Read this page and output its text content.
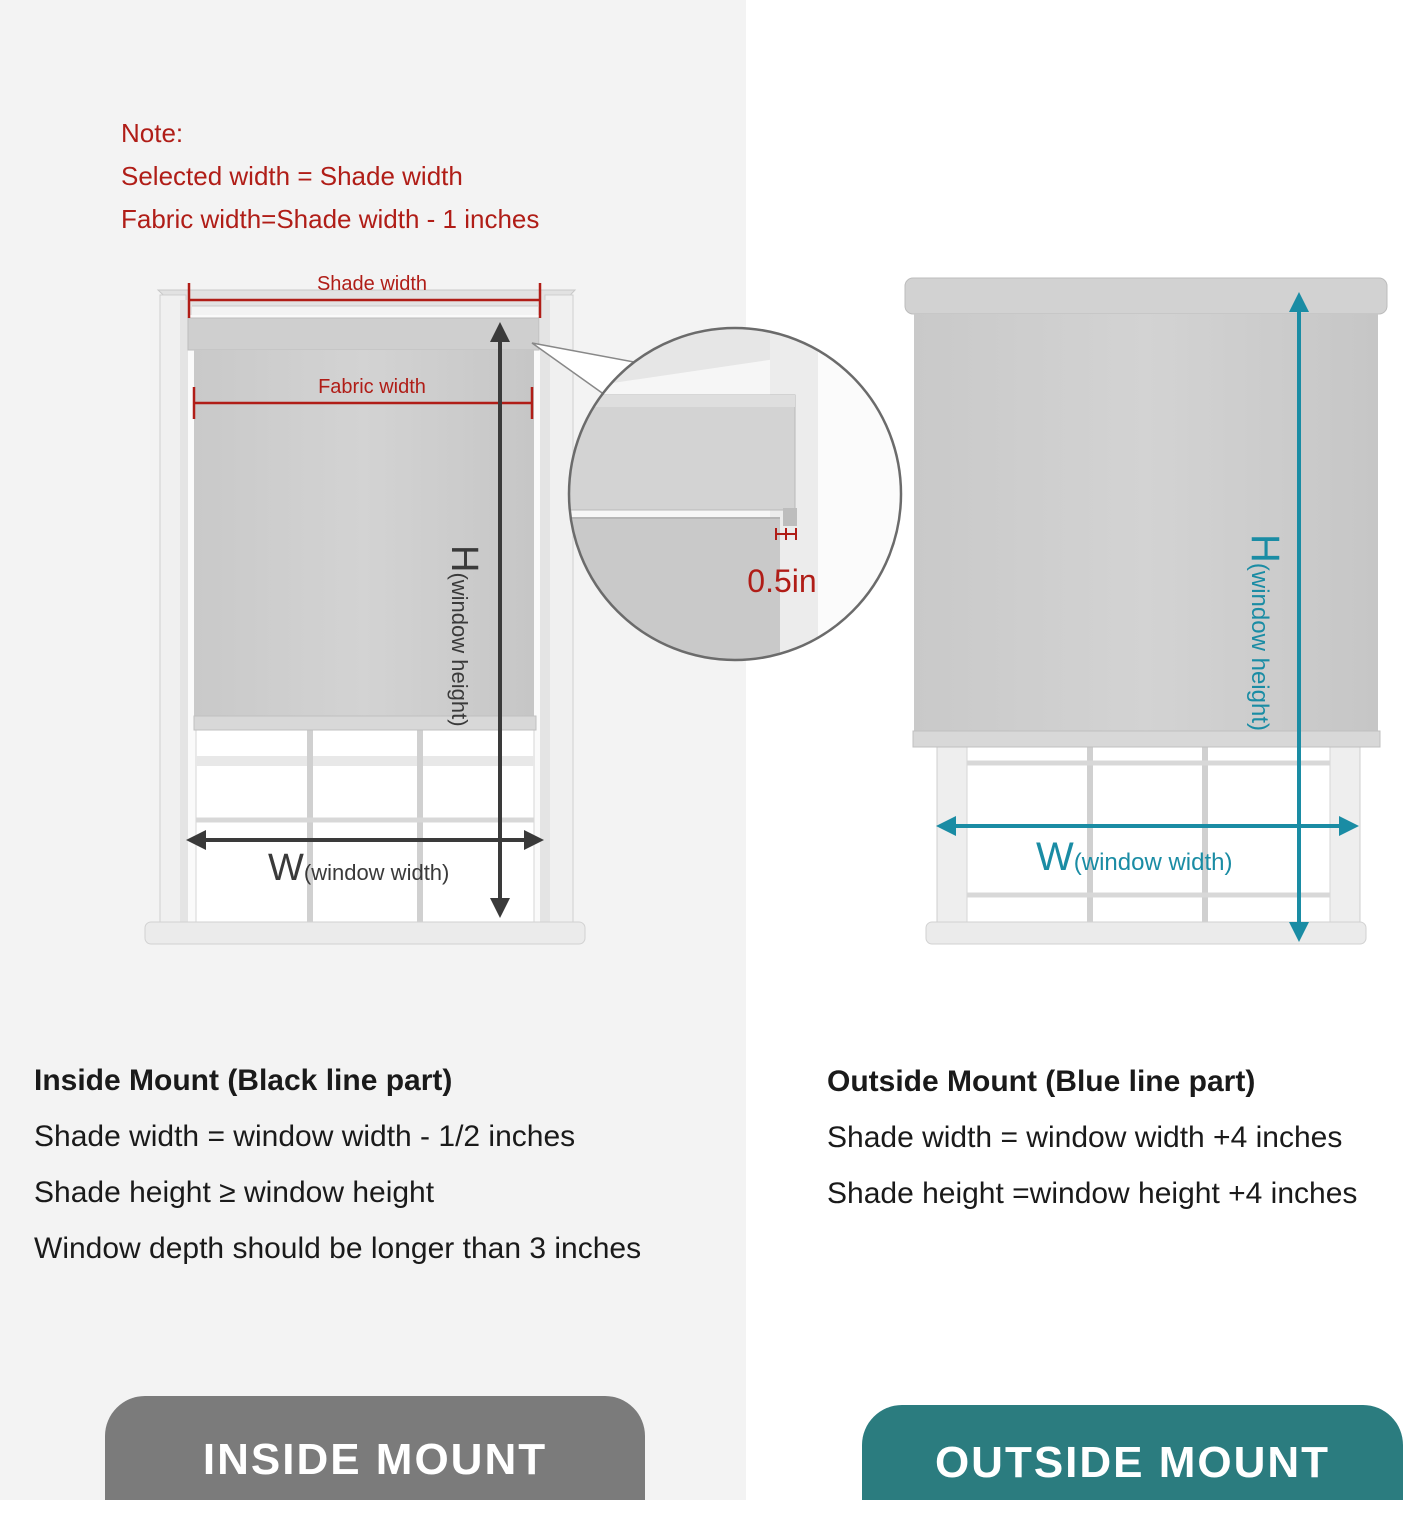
Note:
Selected width = Shade width
Fabric width=Shade width - 1 inches
Shade width
Fabric width
H(window height)
W(window width)
0.5in
H(window height)
W(window width)
Inside Mount (Black line part)
Shade width = window width - 1/2 inches
Shade height ≥ window height
Window depth should be longer than 3 inches
Outside Mount (Blue line part)
Shade width = window width +4 inches
Shade height =window height +4 inches
INSIDE MOUNT	OUTSIDE MOUNT
